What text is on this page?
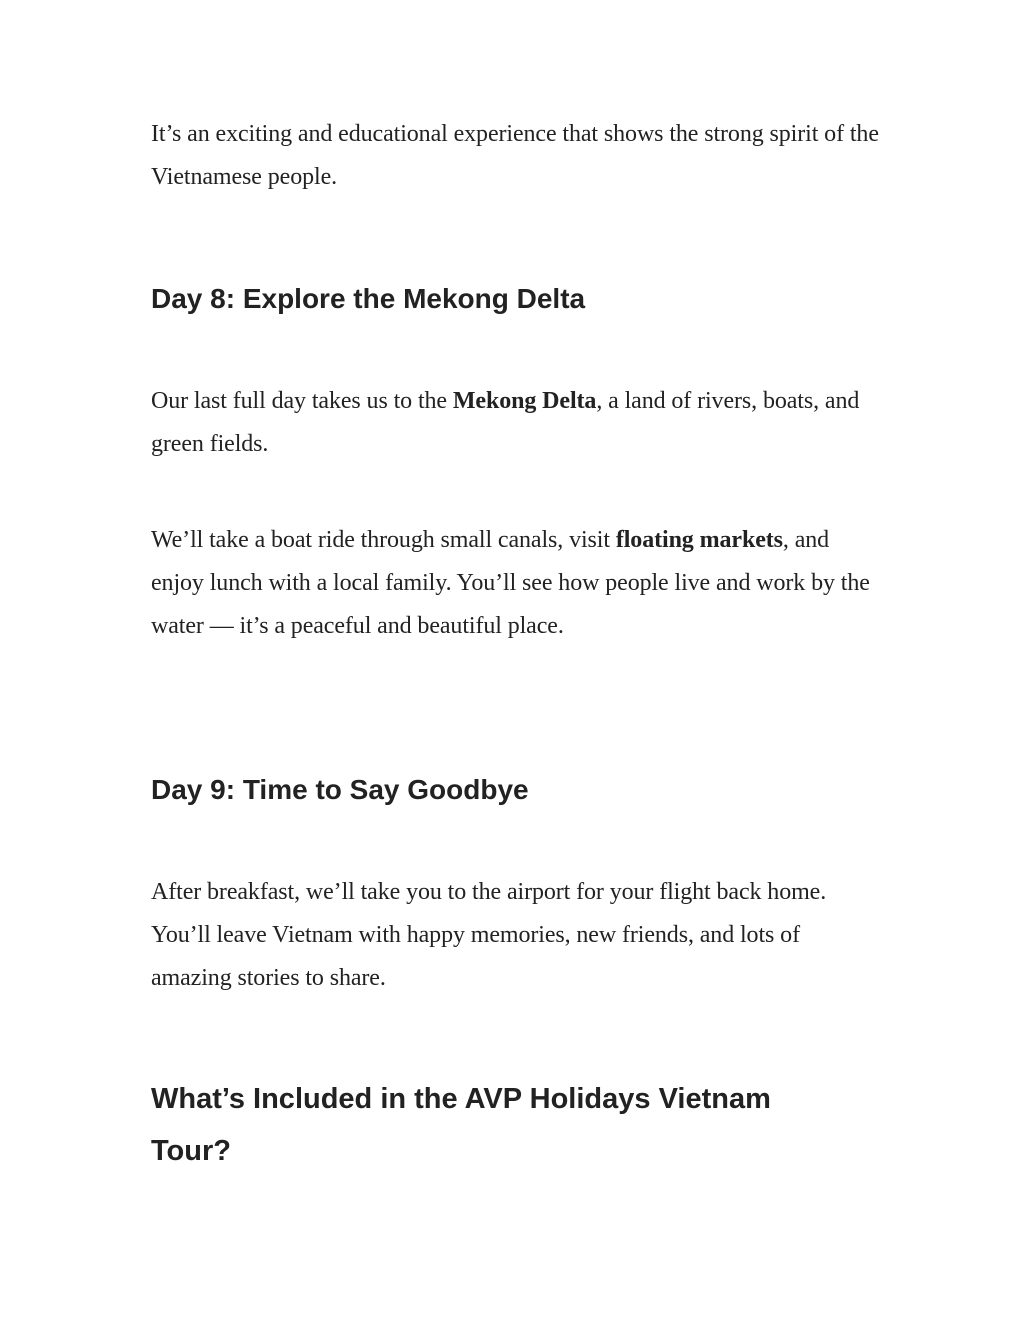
It’s an exciting and educational experience that shows the strong spirit of the Vietnamese people.

Day 8: Explore the Mekong Delta

Our last full day takes us to the Mekong Delta, a land of rivers, boats, and green fields.

We’ll take a boat ride through small canals, visit floating markets, and enjoy lunch with a local family. You’ll see how people live and work by the water — it’s a peaceful and beautiful place.

Day 9: Time to Say Goodbye

After breakfast, we’ll take you to the airport for your flight back home. You’ll leave Vietnam with happy memories, new friends, and lots of amazing stories to share.

What’s Included in the AVP Holidays Vietnam Tour?
